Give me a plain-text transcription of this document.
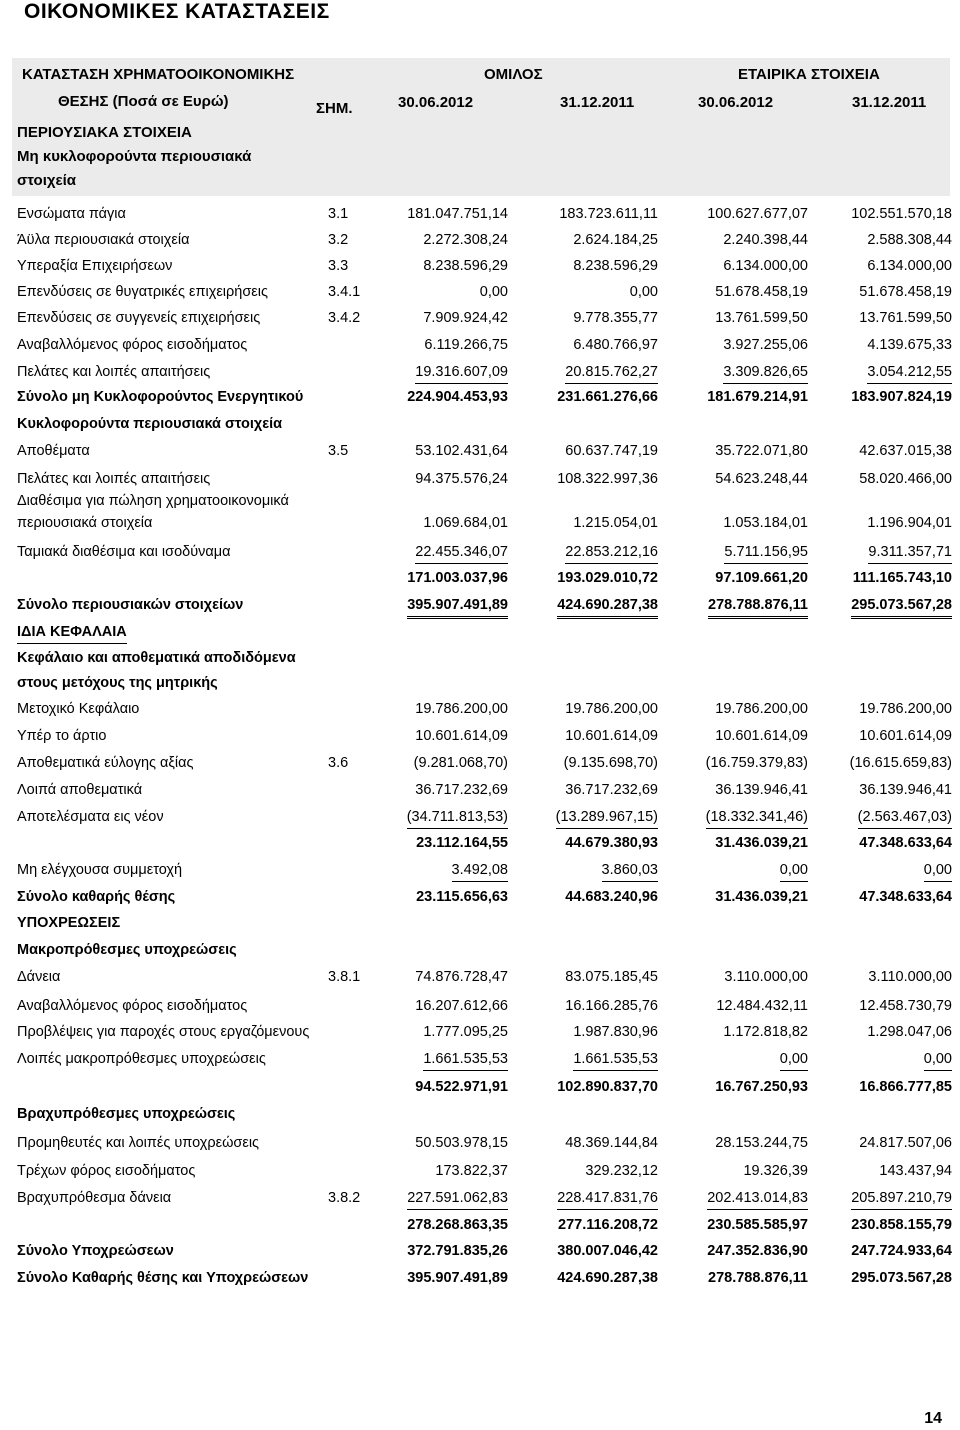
ΟΙΚΟΝΟΜΙΚΕΣ ΚΑΤΑΣΤΑΣΕΙΣ
ΚΑΤΑΣΤΑΣΗ ΧΡΗΜΑΤΟΟΙΚΟΝΟΜΙΚΗΣ
ΘΕΣΗΣ (Ποσά σε Ευρώ)	ΣΗΜ.
ΟΜΙΛΟΣ	ΕΤΑΙΡΙΚΑ ΣΤΟΙΧΕΙΑ
30.06.2012	31.12.2011	30.06.2012	31.12.2011
ΠΕΡΙΟΥΣΙΑΚΑ ΣΤΟΙΧΕΙΑ
Μη κυκλοφορούντα περιουσιακά
στοιχεία
Ενσώματα πάγια	3.1	181.047.751,14	183.723.611,11	100.627.677,07	102.551.570,18
Άϋλα περιουσιακά στοιχεία	3.2	2.272.308,24	2.624.184,25	2.240.398,44	2.588.308,44
Υπεραξία Επιχειρήσεων	3.3	8.238.596,29	8.238.596,29	6.134.000,00	6.134.000,00
Επενδύσεις σε θυγατρικές επιχειρήσεις	3.4.1	0,00	0,00	51.678.458,19	51.678.458,19
Επενδύσεις σε συγγενείς επιχειρήσεις	3.4.2	7.909.924,42	9.778.355,77	13.761.599,50	13.761.599,50
Αναβαλλόμενος φόρος εισοδήματος	6.119.266,75	6.480.766,97	3.927.255,06	4.139.675,33
Πελάτες και λοιπές απαιτήσεις	19.316.607,09	20.815.762,27	3.309.826,65	3.054.212,55
Σύνολο μη Κυκλοφορούντος Ενεργητικού	224.904.453,93	231.661.276,66	181.679.214,91	183.907.824,19
Κυκλοφορούντα περιουσιακά στοιχεία
Αποθέματα	3.5	53.102.431,64	60.637.747,19	35.722.071,80	42.637.015,38
Πελάτες και λοιπές απαιτήσεις	94.375.576,24	108.322.997,36	54.623.248,44	58.020.466,00
Διαθέσιμα για πώληση χρηματοοικονομικά
περιουσιακά στοιχεία	1.069.684,01	1.215.054,01	1.053.184,01	1.196.904,01
Ταμιακά διαθέσιμα και ισοδύναμα	22.455.346,07	22.853.212,16	5.711.156,95	9.311.357,71
171.003.037,96	193.029.010,72	97.109.661,20	111.165.743,10
Σύνολο περιουσιακών στοιχείων	395.907.491,89	424.690.287,38	278.788.876,11	295.073.567,28
ΙΔΙΑ ΚΕΦΑΛΑΙΑ
Κεφάλαιο και αποθεματικά αποδιδόμενα
στους μετόχους της μητρικής
Μετοχικό Κεφάλαιο	19.786.200,00	19.786.200,00	19.786.200,00	19.786.200,00
Υπέρ το άρτιο	10.601.614,09	10.601.614,09	10.601.614,09	10.601.614,09
Αποθεματικά εύλογης αξίας	3.6	(9.281.068,70)	(9.135.698,70)	(16.759.379,83)	(16.615.659,83)
Λοιπά αποθεματικά	36.717.232,69	36.717.232,69	36.139.946,41	36.139.946,41
Αποτελέσματα εις νέον	(34.711.813,53)	(13.289.967,15)	(18.332.341,46)	(2.563.467,03)
23.112.164,55	44.679.380,93	31.436.039,21	47.348.633,64
Μη ελέγχουσα συμμετοχή	3.492,08	3.860,03	0,00	0,00
Σύνολο καθαρής θέσης	23.115.656,63	44.683.240,96	31.436.039,21	47.348.633,64
ΥΠΟΧΡΕΩΣΕΙΣ
Μακροπρόθεσμες υποχρεώσεις
Δάνεια	3.8.1	74.876.728,47	83.075.185,45	3.110.000,00	3.110.000,00
Αναβαλλόμενος φόρος εισοδήματος	16.207.612,66	16.166.285,76	12.484.432,11	12.458.730,79
Προβλέψεις για παροχές στους εργαζόμενους	1.777.095,25	1.987.830,96	1.172.818,82	1.298.047,06
Λοιπές μακροπρόθεσμες υποχρεώσεις	1.661.535,53	1.661.535,53	0,00	0,00
94.522.971,91	102.890.837,70	16.767.250,93	16.866.777,85
Βραχυπρόθεσμες υποχρεώσεις
Προμηθευτές και λοιπές υποχρεώσεις	50.503.978,15	48.369.144,84	28.153.244,75	24.817.507,06
Τρέχων φόρος εισοδήματος	173.822,37	329.232,12	19.326,39	143.437,94
Βραχυπρόθεσμα δάνεια	3.8.2	227.591.062,83	228.417.831,76	202.413.014,83	205.897.210,79
278.268.863,35	277.116.208,72	230.585.585,97	230.858.155,79
Σύνολο Υποχρεώσεων	372.791.835,26	380.007.046,42	247.352.836,90	247.724.933,64
Σύνολο Καθαρής θέσης και Υποχρεώσεων	395.907.491,89	424.690.287,38	278.788.876,11	295.073.567,28
14
